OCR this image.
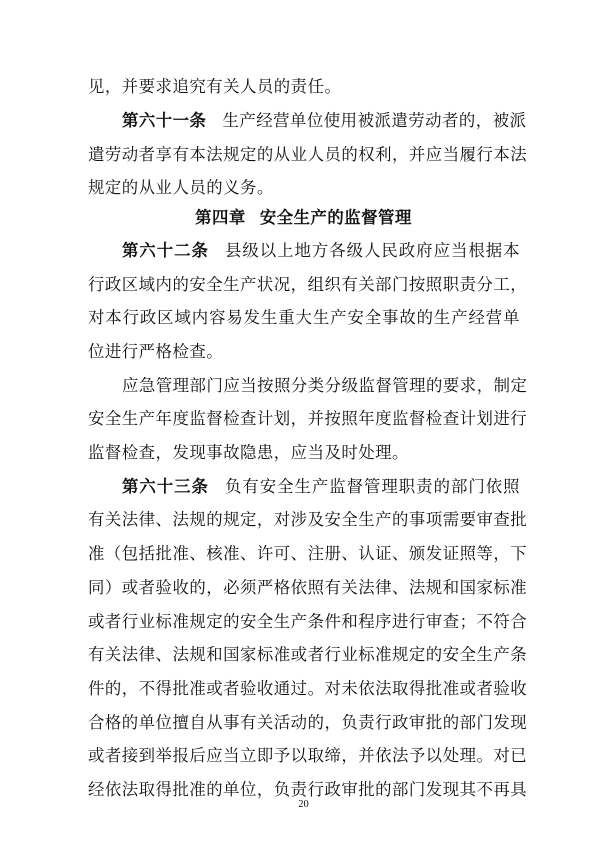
见，并要求追究有关人员的责任。
第六十一条 生产经营单位使用被派遣劳动者的，被派
遣劳动者享有本法规定的从业人员的权利，并应当履行本法
规定的从业人员的义务。
第四章 安全生产的监督管理
第六十二条 县级以上地方各级人民政府应当根据本
行政区域内的安全生产状况，组织有关部门按照职责分工，
对本行政区域内容易发生重大生产安全事故的生产经营单
位进行严格检查。
应急管理部门应当按照分类分级监督管理的要求，制定
安全生产年度监督检查计划，并按照年度监督检查计划进行
监督检查，发现事故隐患，应当及时处理。
第六十三条 负有安全生产监督管理职责的部门依照
有关法律、法规的规定，对涉及安全生产的事项需要审查批
准（包括批准、核准、许可、注册、认证、颁发证照等，下
同）或者验收的，必须严格依照有关法律、法规和国家标准
或者行业标准规定的安全生产条件和程序进行审查；不符合
有关法律、法规和国家标准或者行业标准规定的安全生产条
件的，不得批准或者验收通过。对未依法取得批准或者验收
合格的单位擅自从事有关活动的，负责行政审批的部门发现
或者接到举报后应当立即予以取缔，并依法予以处理。对已
经依法取得批准的单位，负责行政审批的部门发现其不再具
20
